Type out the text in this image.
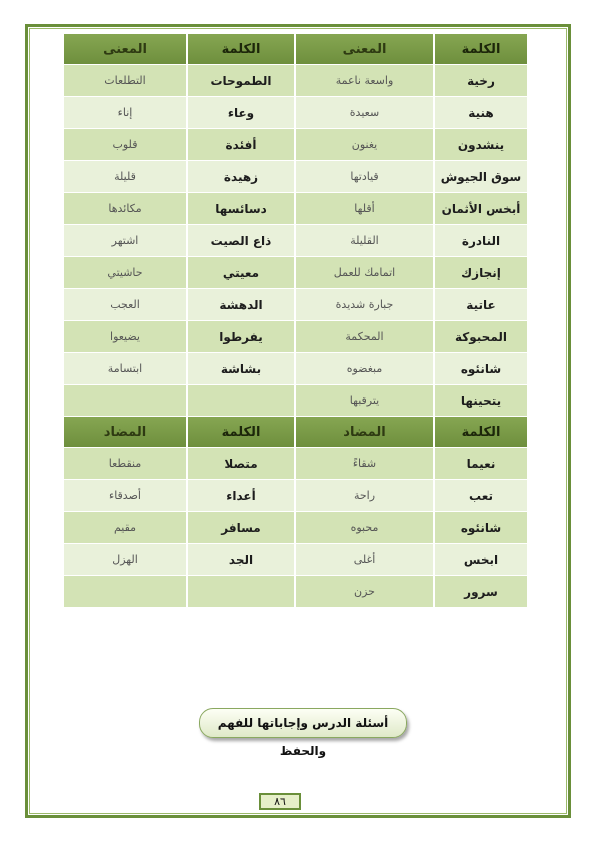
الكلمة	المعنى	الكلمة	المعنى
رخية	واسعة ناعمة	الطموحات	التطلعات
هنية	سعيدة	وعاء	إناء
ينشدون	يغنون	أفئدة	قلوب
سوق الجيوش	قيادتها	زهيدة	قليلة
أبخس الأثمان	أقلها	دسائسها	مكائدها
النادرة	القليلة	ذاع الصيت	اشتهر
إنجازك	اتمامك للعمل	معيتي	حاشيتي
عاتية	جبارة شديدة	الدهشة	العجب
المحبوكة	المحكمة	يفرطوا	يضيعوا
شانئوه	مبغضوه	بشاشة	ابتسامة
يتحينها	يترقبها		
الكلمة	المضاد	الكلمة	المضاد
نعيما	شقاءً	متصلا	منقطعا
تعب	راحة	أعداء	أصدقاء
شانئوه	محبوه	مسافر	مقيم
ابخس	أغلى	الجد	الهزل
سرور	حزن		
أسئلة الدرس وإجاباتها للفهم والحفظ
٨٦
